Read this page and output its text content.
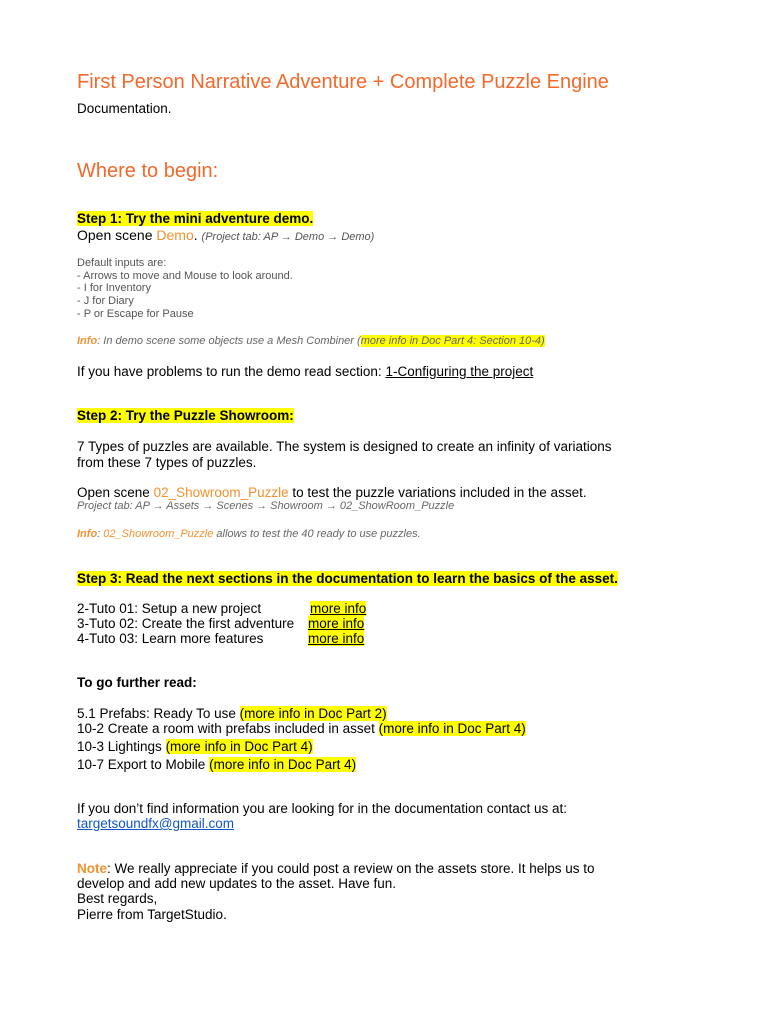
First Person Narrative Adventure + Complete Puzzle Engine
Documentation.
Where to begin:
Step 1: Try the mini adventure demo.
Open scene Demo. (Project tab: AP → Demo → Demo)
Default inputs are:
- Arrows to move and Mouse to look around.
- I for Inventory
- J for Diary
- P or Escape for Pause
Info: In demo scene some objects use a Mesh Combiner (more info in Doc Part 4: Section 10-4)
If you have problems to run the demo read section: 1-Configuring the project
Step 2: Try the Puzzle Showroom:
7 Types of puzzles are available. The system is designed to create an infinity of variations
from these 7 types of puzzles.
Open scene 02_Showroom_Puzzle to test the puzzle variations included in the asset.
Project tab: AP → Assets → Scenes → Showroom → 02_ShowRoom_Puzzle
Info: 02_Showroom_Puzzle allows to test the 40 ready to use puzzles.
Step 3: Read the next sections in the documentation to learn the basics of the asset.
2-Tuto 01: Setup a new project	more info
3-Tuto 02: Create the first adventure more info
4-Tuto 03: Learn more features	more info
To go further read:
5.1 Prefabs: Ready To use (more info in Doc Part 2)
10-2 Create a room with prefabs included in asset (more info in Doc Part 4)
10-3 Lightings (more info in Doc Part 4)
10-7 Export to Mobile (more info in Doc Part 4)
If you don’t find information you are looking for in the documentation contact us at:
targetsoundfx@gmail.com
Note: We really appreciate if you could post a review on the assets store. It helps us to
develop and add new updates to the asset. Have fun.
Best regards,
Pierre from TargetStudio.
